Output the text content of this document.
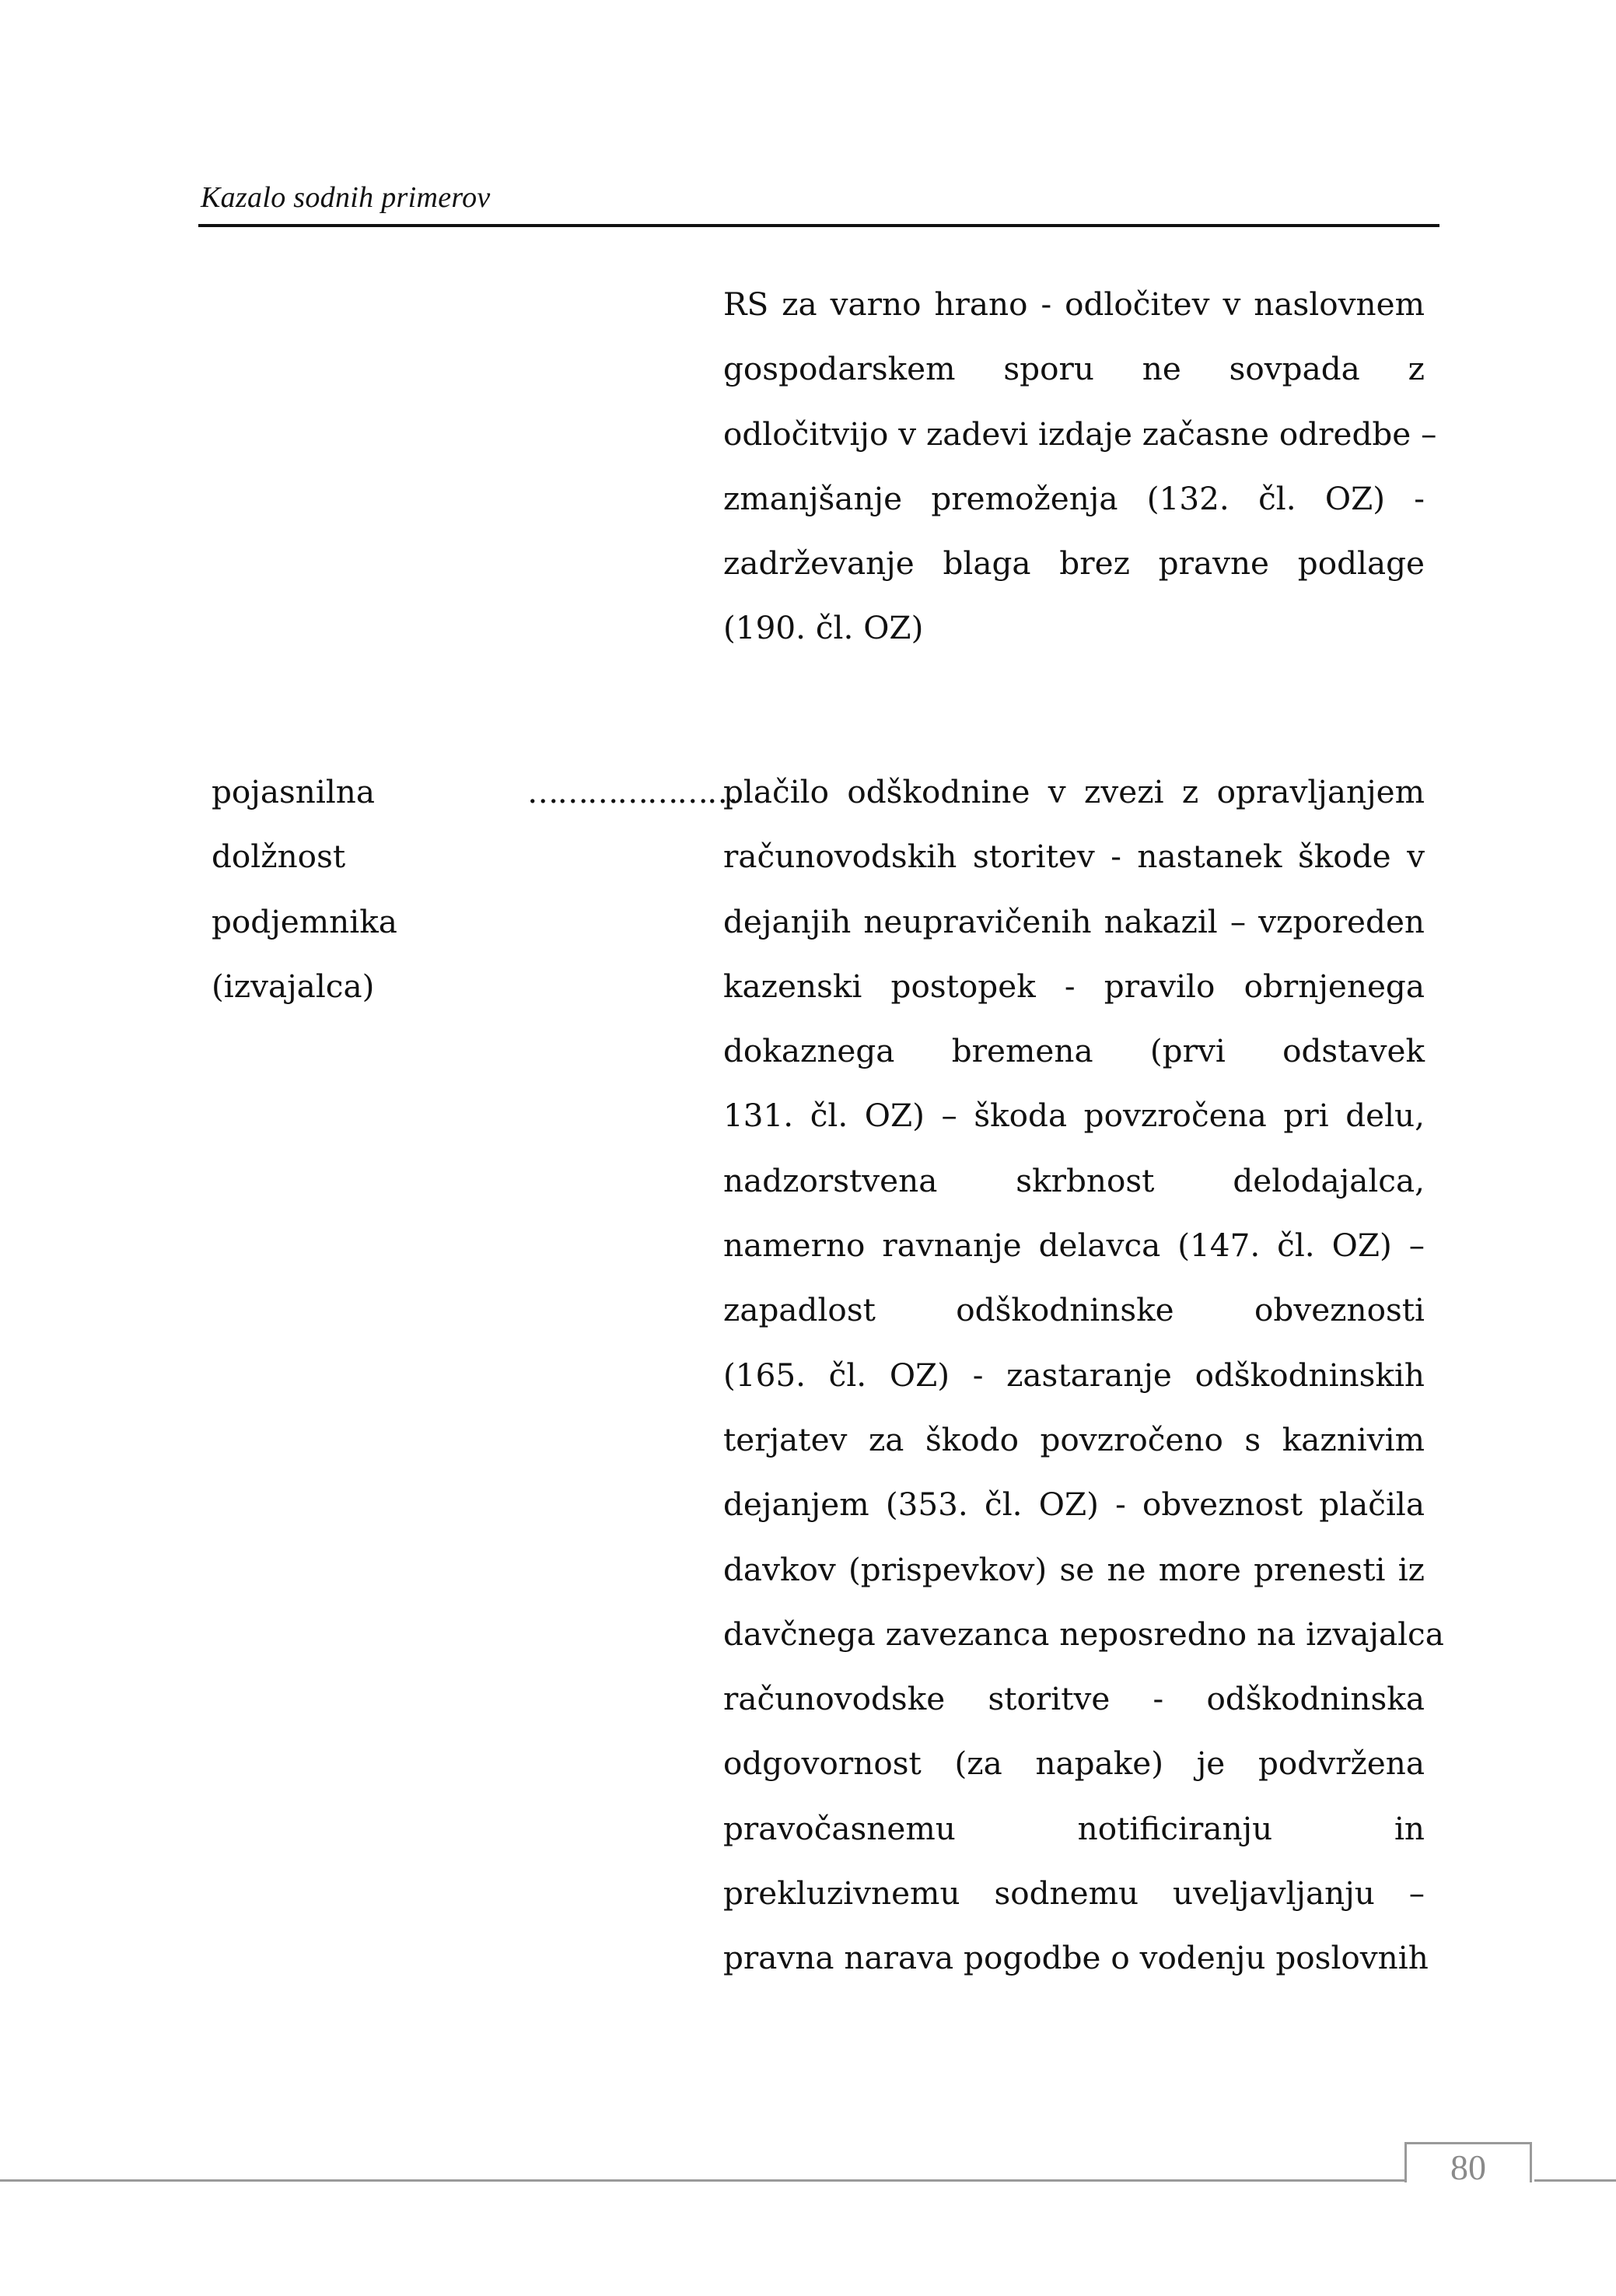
Kazalo sodnih primerov
RS za varno hrano - odločitev v naslovnem
gospodarskem sporu ne sovpada z
odločitvijo v zadevi izdaje začasne odredbe –
zmanjšanje premoženja (132. čl. OZ) -
zadrževanje blaga brez pravne podlage
(190. čl. OZ)
pojasnilna
dolžnost
podjemnika
(izvajalca)
…………………
plačilo odškodnine v zvezi z opravljanjem
računovodskih storitev - nastanek škode v
dejanjih neupravičenih nakazil – vzporeden
kazenski postopek - pravilo obrnjenega
dokaznega bremena (prvi odstavek
131. čl. OZ) – škoda povzročena pri delu,
nadzorstvena skrbnost delodajalca,
namerno ravnanje delavca (147. čl. OZ) –
zapadlost odškodninske obveznosti
(165. čl. OZ) - zastaranje odškodninskih
terjatev za škodo povzročeno s kaznivim
dejanjem (353. čl. OZ) - obveznost plačila
davkov (prispevkov) se ne more prenesti iz
davčnega zavezanca neposredno na izvajalca
računovodske storitve - odškodninska
odgovornost (za napake) je podvržena
pravočasnemu notificiranju in
prekluzivnemu sodnemu uveljavljanju –
pravna narava pogodbe o vodenju poslovnih
80
